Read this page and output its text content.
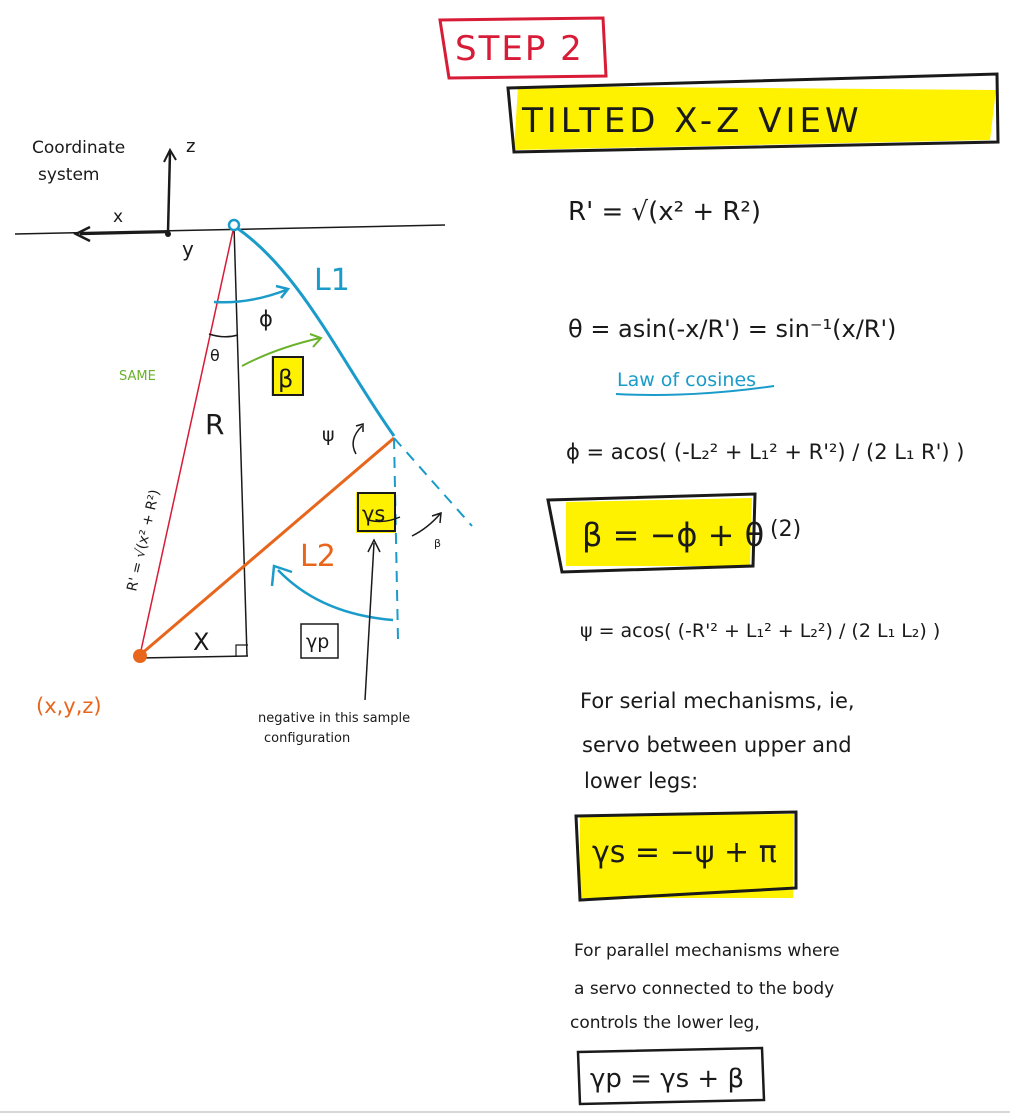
STEP 2
TILTED X-Z VIEW
Coordinate
system
z
x
y
ϕ
θ
β
SAME
R	ψ
γs
β
L1
L2
γp
X
R' = √(x² + R²)
(x,y,z)
negative in this sample
configuration
R' = √(x² + R²)
θ = asin(-x/R') = sin⁻¹(x/R')
Law of cosines
ϕ = acos( (-L₂² + L₁² + R'²) / (2 L₁ R') )
β = −ϕ + θ (2)
ψ = acos( (-R'² + L₁² + L₂²) / (2 L₁ L₂) )
For serial mechanisms, ie,
servo between upper and
lower legs:
γs = −ψ + π
For parallel mechanisms where
a servo connected to the body
controls the lower leg,
γp = γs + β
